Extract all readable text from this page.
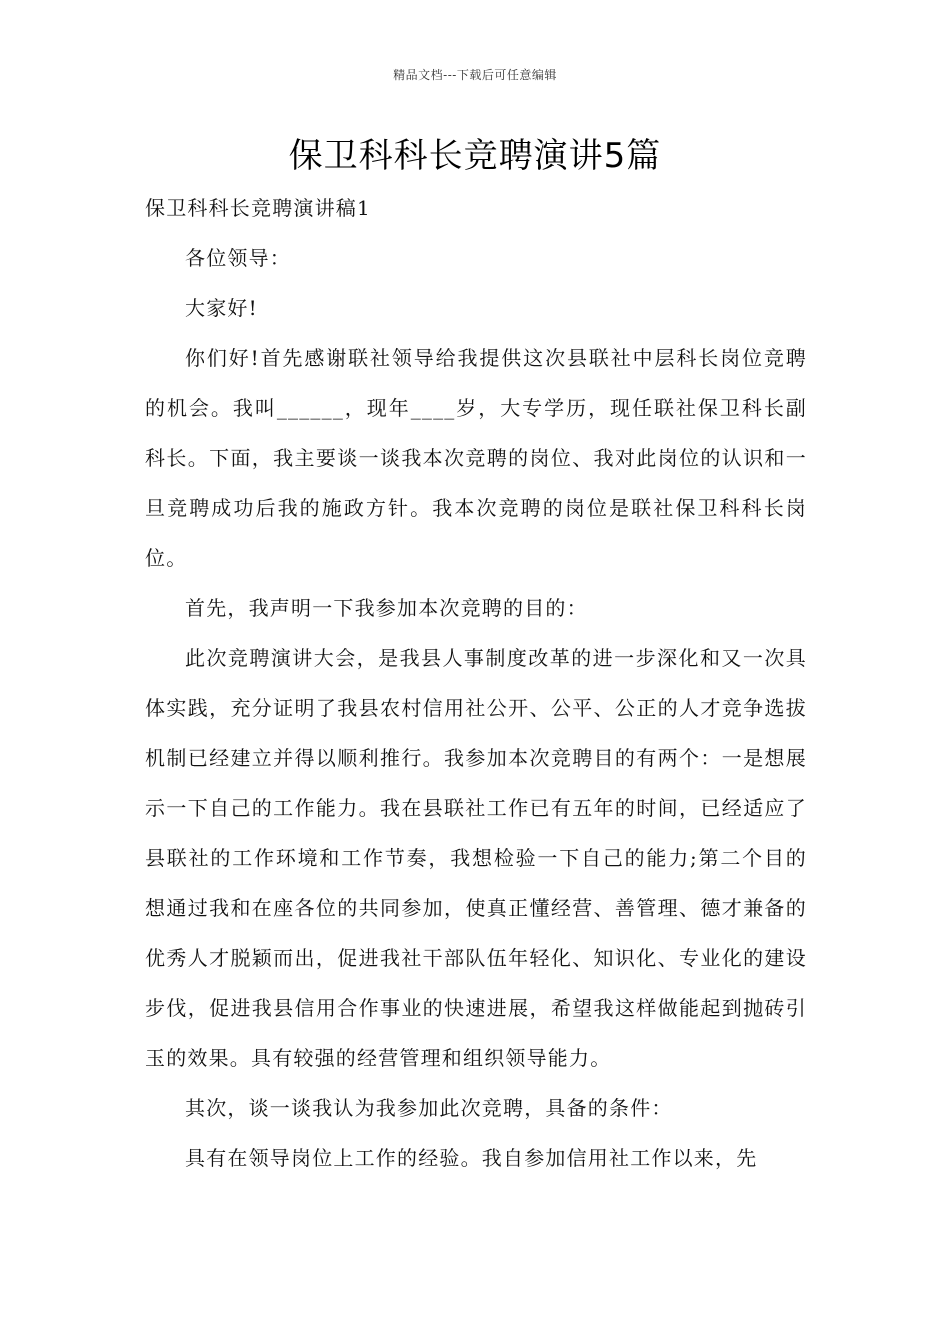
精品文档---下载后可任意编辑
保卫科科长竞聘演讲5篇

保卫科科长竞聘演讲稿1

各位领导：

大家好!

你们好!首先感谢联社领导给我提供这次县联社中层科长岗位竞聘的机会。我叫______，现年____岁，大专学历，现任联社保卫科长副科长。下面，我主要谈一谈我本次竞聘的岗位、我对此岗位的认识和一旦竞聘成功后我的施政方针。我本次竞聘的岗位是联社保卫科科长岗位。

首先，我声明一下我参加本次竞聘的目的：

此次竞聘演讲大会，是我县人事制度改革的进一步深化和又一次具体实践，充分证明了我县农村信用社公开、公平、公正的人才竞争选拔机制已经建立并得以顺利推行。我参加本次竞聘目的有两个：一是想展示一下自己的工作能力。我在县联社工作已有五年的时间，已经适应了县联社的工作环境和工作节奏，我想检验一下自己的能力;第二个目的想通过我和在座各位的共同参加，使真正懂经营、善管理、德才兼备的优秀人才脱颖而出，促进我社干部队伍年轻化、知识化、专业化的建设步伐，促进我县信用合作事业的快速进展，希望我这样做能起到抛砖引玉的效果。具有较强的经营管理和组织领导能力。

其次，谈一谈我认为我参加此次竞聘，具备的条件：

具有在领导岗位上工作的经验。我自参加信用社工作以来，先
